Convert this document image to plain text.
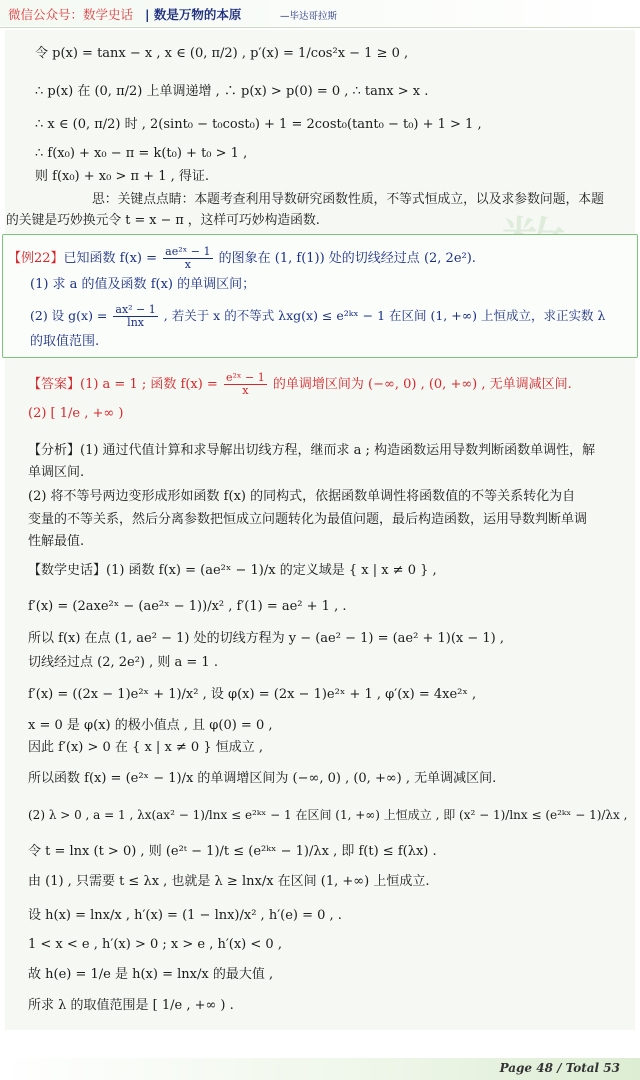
微信公众号：数学史话 | 数是万物的本原	—毕达哥拉斯
令 p(x) = tanx − x , x ∈ (0, π/2) , p′(x) = 1/cos²x − 1 ≥ 0 ,
∴ p(x) 在 (0, π/2) 上单调递增 , ∴ p(x) > p(0) = 0 , ∴ tanx > x .
∴ x ∈ (0, π/2) 时 , 2(sint₀ − t₀cost₀) + 1 = 2cost₀(tant₀ − t₀) + 1 > 1 ,
∴ f(x₀) + x₀ − π = k(t₀) + t₀ > 1 ,
则 f(x₀) + x₀ > π + 1 , 得证.
思：关键点点睛：本题考查利用导数研究函数性质，不等式恒成立，以及求参数问题，本题
的关键是巧妙换元令 t = x − π ，这样可巧妙构造函数.
【例22】已知函数 $f(x) = \frac{\text{ae²ˣ − 1}}{x}$ 的图象在 (1, f(1)) 处的切线经过点 (2, 2e²).
(1) 求 a 的值及函数 f(x) 的单调区间；
(2) 设 $g(x) = \frac{\text{ax² − 1}}{\ln x}$ , 若关于 x 的不等式 λxg(x) ≤ e²ᵏˣ − 1 在区间 (1, +∞) 上恒成立，求正实数 λ
的取值范围.
【答案】(1) a = 1 ; 函数 $f(x) = \frac{\text{e²ˣ − 1}}{x}$ 的单调增区间为 (−∞, 0) , (0, +∞) , 无单调减区间.
(2) [ 1/e , +∞ )
【分析】(1) 通过代值计算和求导解出切线方程，继而求 a ; 构造函数运用导数判断函数单调性，解
单调区间.
(2) 将不等号两边变形成形如函数 f(x) 的同构式，依据函数单调性将函数值的不等关系转化为自
变量的不等关系，然后分离参数把恒成立问题转化为最值问题，最后构造函数，运用导数判断单调
性解最值.
【数学史话】(1) 函数 f(x) = (ae²ˣ − 1)/x 的定义域是 { x | x ≠ 0 } ,
f′(x) = (2axe²ˣ − (ae²ˣ − 1))/x² , f′(1) = ae² + 1 , .
所以 f(x) 在点 (1, ae² − 1) 处的切线方程为 y − (ae² − 1) = (ae² + 1)(x − 1) ,
切线经过点 (2, 2e²) , 则 a = 1 .
f′(x) = ((2x − 1)e²ˣ + 1)/x² , 设 φ(x) = (2x − 1)e²ˣ + 1 , φ′(x) = 4xe²ˣ ,
x = 0 是 φ(x) 的极小值点 , 且 φ(0) = 0 ,
因此 f′(x) > 0 在 { x | x ≠ 0 } 恒成立 ,
所以函数 f(x) = (e²ˣ − 1)/x 的单调增区间为 (−∞, 0) , (0, +∞) , 无单调减区间.
(2) λ > 0 , a = 1 , λx(ax² − 1)/lnx ≤ e²ᵏˣ − 1 在区间 (1, +∞) 上恒成立 , 即 (x² − 1)/lnx ≤ (e²ᵏˣ − 1)/λx ,
令 t = lnx (t > 0) , 则 (e²ᵗ − 1)/t ≤ (e²ᵏˣ − 1)/λx , 即 f(t) ≤ f(λx) .
由 (1) , 只需要 t ≤ λx , 也就是 λ ≥ lnx/x 在区间 (1, +∞) 上恒成立.
设 h(x) = lnx/x , h′(x) = (1 − lnx)/x² , h′(e) = 0 , .
1 < x < e , h′(x) > 0 ; x > e , h′(x) < 0 ,
故 h(e) = 1/e 是 h(x) = lnx/x 的最大值 ,
所求 λ 的取值范围是 [ 1/e , +∞ ) .
Page 48 / Total 53
